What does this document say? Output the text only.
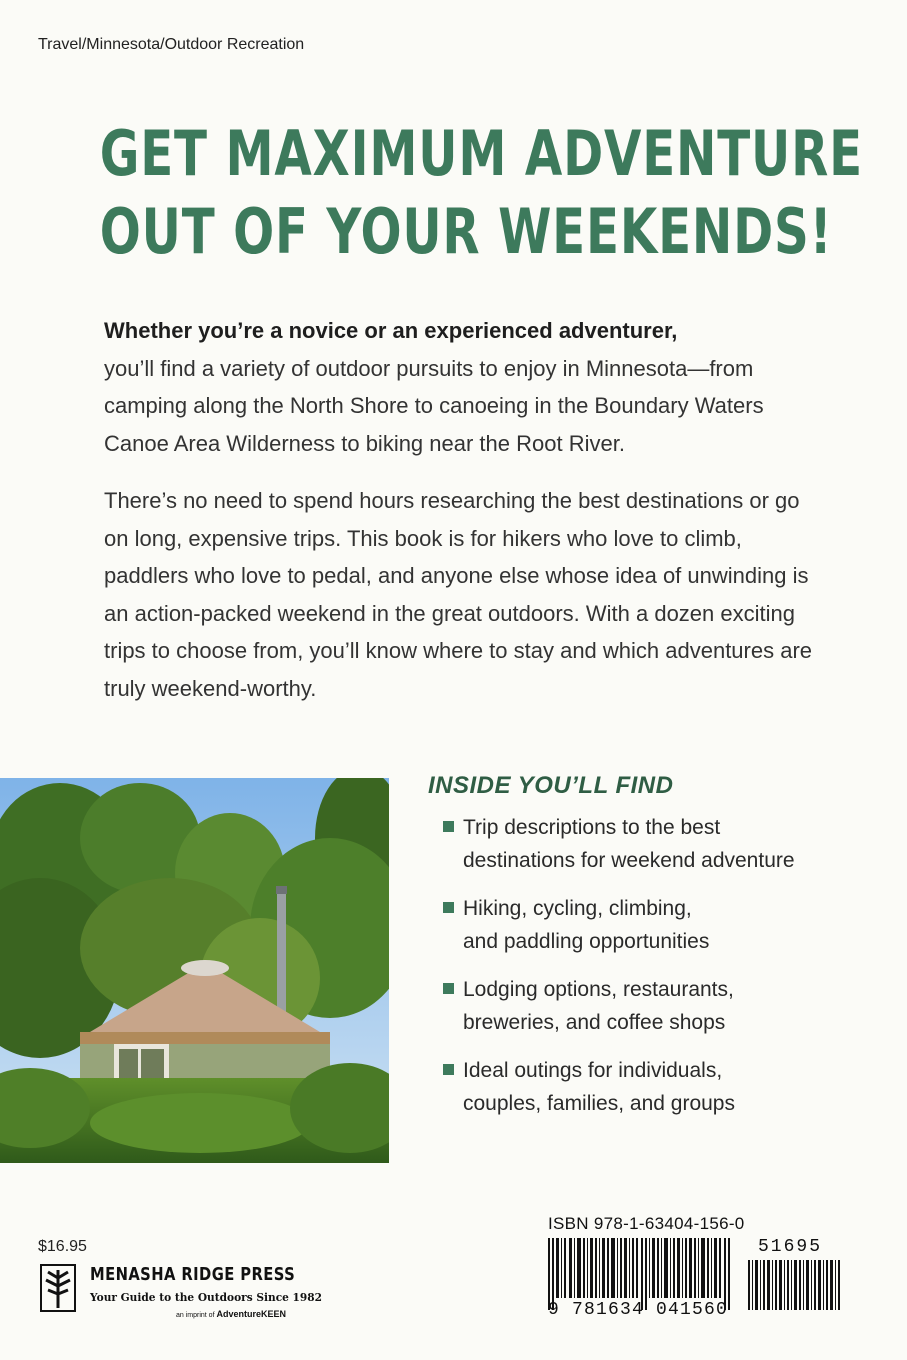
Travel/Minnesota/Outdoor Recreation
GET MAXIMUM ADVENTURE
OUT OF YOUR WEEKENDS!

Whether you’re a novice or an experienced adventurer,
you’ll find a variety of outdoor pursuits to enjoy in Minnesota—from camping along the North Shore to canoeing in the Boundary Waters Canoe Area Wilderness to biking near the Root River.

There’s no need to spend hours researching the best destinations or go on long, expensive trips. This book is for hikers who love to climb, paddlers who love to pedal, and anyone else whose idea of unwinding is an action-packed weekend in the great outdoors. With a dozen exciting trips to choose from, you’ll know where to stay and which adventures are truly weekend-worthy.

INSIDE YOU’LL FIND
Trip descriptions to the best
destinations for weekend adventure
Hiking, cycling, climbing,
and paddling opportunities
Lodging options, restaurants,
breweries, and coffee shops
Ideal outings for individuals,
couples, families, and groups
$16.95
MENASHA RIDGE PRESS
Your Guide to the Outdoors Since 1982
an imprint of AdventureKEEN
ISBN 978-1-63404-156-0
51695
9 781634 041560
